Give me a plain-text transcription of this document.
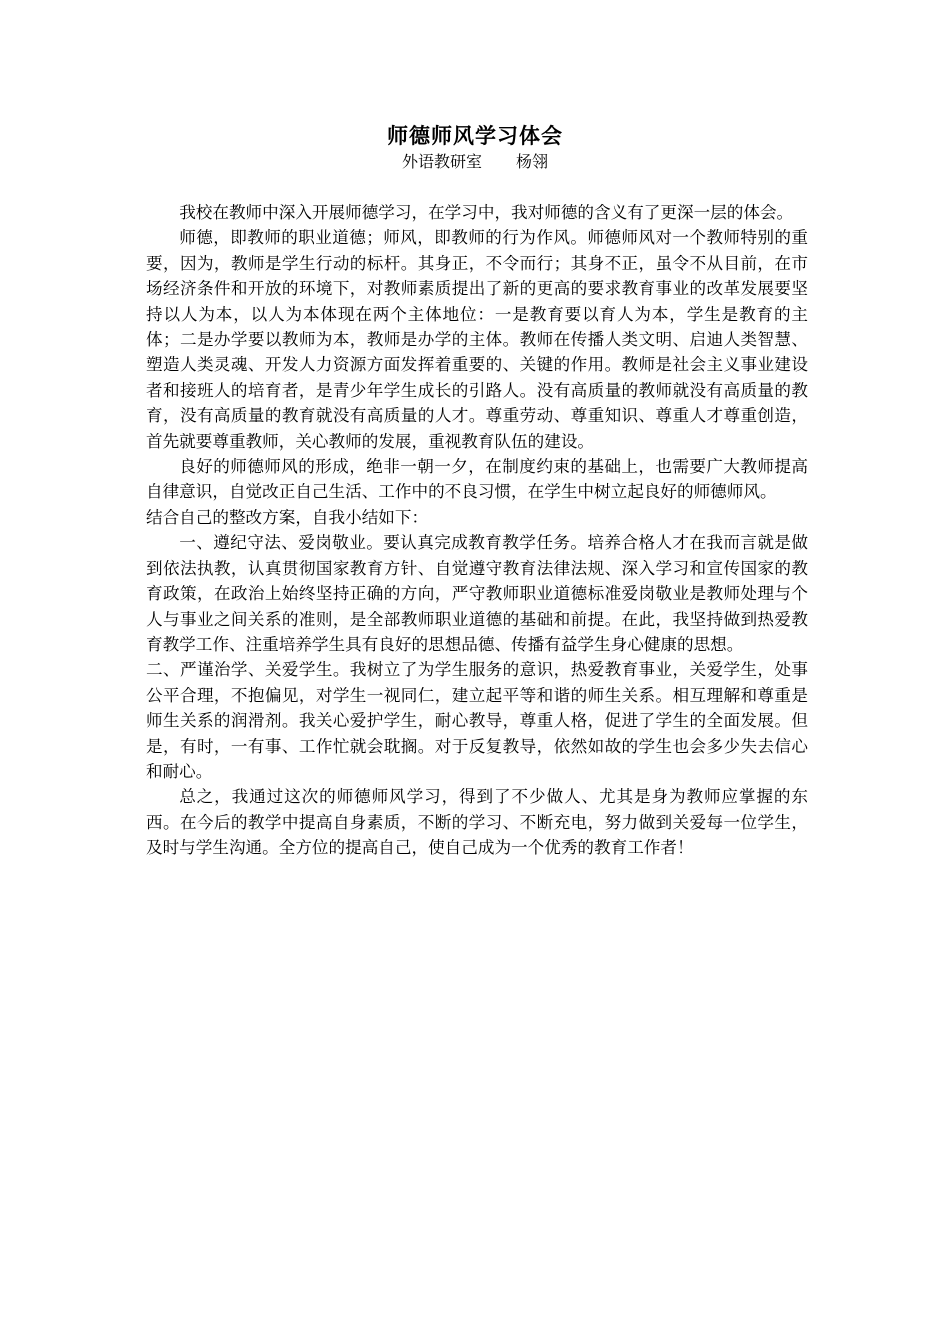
师德师风学习体会
外语教研室 杨翎

我校在教师中深入开展师德学习，在学习中，我对师德的含义有了更深一层的体会。

师德，即教师的职业道德；师风，即教师的行为作风。师德师风对一个教师特别的重要，因为，教师是学生行动的标杆。其身正，不令而行；其身不正，虽令不从目前，在市场经济条件和开放的环境下，对教师素质提出了新的更高的要求教育事业的改革发展要坚持以人为本，以人为本体现在两个主体地位：一是教育要以育人为本，学生是教育的主体；二是办学要以教师为本，教师是办学的主体。教师在传播人类文明、启迪人类智慧、塑造人类灵魂、开发人力资源方面发挥着重要的、关键的作用。教师是社会主义事业建设者和接班人的培育者，是青少年学生成长的引路人。没有高质量的教师就没有高质量的教育，没有高质量的教育就没有高质量的人才。尊重劳动、尊重知识、尊重人才尊重创造，首先就要尊重教师，关心教师的发展，重视教育队伍的建设。

良好的师德师风的形成，绝非一朝一夕，在制度约束的基础上，也需要广大教师提高自律意识，自觉改正自己生活、工作中的不良习惯，在学生中树立起良好的师德师风。

结合自己的整改方案，自我小结如下：

一、遵纪守法、爱岗敬业。要认真完成教育教学任务。培养合格人才在我而言就是做到依法执教，认真贯彻国家教育方针、自觉遵守教育法律法规、深入学习和宣传国家的教育政策，在政治上始终坚持正确的方向，严守教师职业道德标准爱岗敬业是教师处理与个人与事业之间关系的准则，是全部教师职业道德的基础和前提。在此，我坚持做到热爱教育教学工作、注重培养学生具有良好的思想品德、传播有益学生身心健康的思想。

二、严谨治学、关爱学生。我树立了为学生服务的意识，热爱教育事业，关爱学生，处事公平合理，不抱偏见，对学生一视同仁，建立起平等和谐的师生关系。相互理解和尊重是师生关系的润滑剂。我关心爱护学生，耐心教导，尊重人格，促进了学生的全面发展。但是，有时，一有事、工作忙就会耽搁。对于反复教导，依然如故的学生也会多少失去信心和耐心。

总之，我通过这次的师德师风学习，得到了不少做人、尤其是身为教师应掌握的东西。在今后的教学中提高自身素质，不断的学习、不断充电，努力做到关爱每一位学生，及时与学生沟通。全方位的提高自己，使自己成为一个优秀的教育工作者！
